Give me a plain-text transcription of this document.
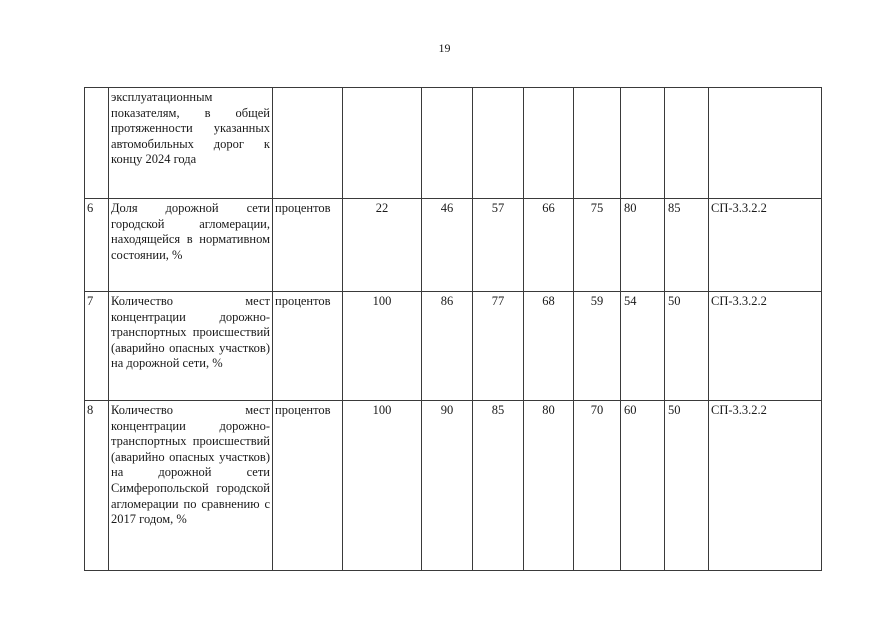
19
	эксплуатационным показателям, в общей протяженности указанных автомобильных дорог к концу 2024 года									
6	Доля дорожной сети городской агломерации, находящейся в нормативном состоянии, %	процентов	22	46	57	66	75	80	85	СП-3.3.2.2
7	Количество мест концентрации дорожно-транспортных происшествий (аварийно опасных участков) на дорожной сети, %	процентов	100	86	77	68	59	54	50	СП-3.3.2.2
8	Количество мест концентрации дорожно-транспортных происшествий (аварийно опасных участков) на дорожной сети Симферопольской городской агломерации по сравнению с 2017 годом, %	процентов	100	90	85	80	70	60	50	СП-3.3.2.2
